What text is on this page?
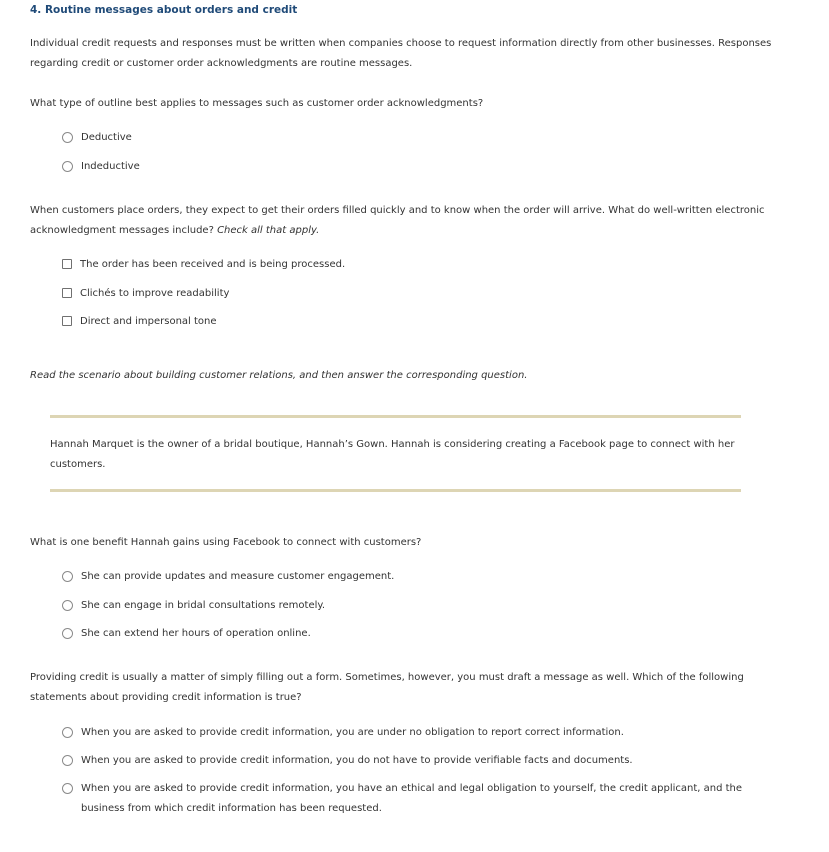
4. Routine messages about orders and credit
Individual credit requests and responses must be written when companies choose to request information directly from other businesses. Responses regarding credit or customer order acknowledgments are routine messages.
What type of outline best applies to messages such as customer order acknowledgments?
Deductive
Indeductive
When customers place orders, they expect to get their orders filled quickly and to know when the order will arrive. What do well-written electronic acknowledgment messages include? Check all that apply.
The order has been received and is being processed.
Clichés to improve readability
Direct and impersonal tone
Read the scenario about building customer relations, and then answer the corresponding question.
Hannah Marquet is the owner of a bridal boutique, Hannah’s Gown. Hannah is considering creating a Facebook page to connect with her customers.
What is one benefit Hannah gains using Facebook to connect with customers?
She can provide updates and measure customer engagement.
She can engage in bridal consultations remotely.
She can extend her hours of operation online.
Providing credit is usually a matter of simply filling out a form. Sometimes, however, you must draft a message as well. Which of the following statements about providing credit information is true?
When you are asked to provide credit information, you are under no obligation to report correct information.
When you are asked to provide credit information, you do not have to provide verifiable facts and documents.
When you are asked to provide credit information, you have an ethical and legal obligation to yourself, the credit applicant, and the business from which credit information has been requested.
